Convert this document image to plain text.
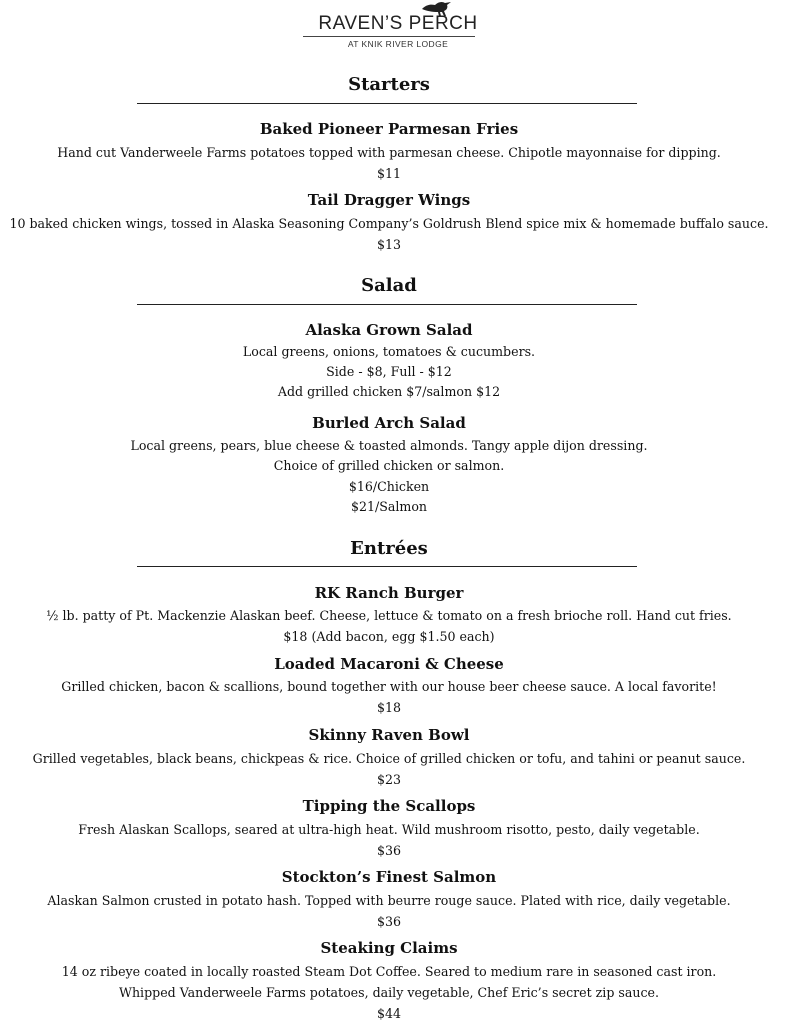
RAVEN’S PERCH
AT KNIK RIVER LODGE
Starters
Baked Pioneer Parmesan Fries
Hand cut Vanderweele Farms potatoes topped with parmesan cheese. Chipotle mayonnaise for dipping.
$11
Tail Dragger Wings
10 baked chicken wings, tossed in Alaska Seasoning Company’s Goldrush Blend spice mix & homemade buffalo sauce.
$13
Salad
Alaska Grown Salad
Local greens, onions, tomatoes & cucumbers.
Side - $8, Full - $12
Add grilled chicken $7/salmon $12
Burled Arch Salad
Local greens, pears, blue cheese & toasted almonds. Tangy apple dijon dressing.
Choice of grilled chicken or salmon.
$16/Chicken
$21/Salmon
Entrées
RK Ranch Burger
½ lb. patty of Pt. Mackenzie Alaskan beef. Cheese, lettuce & tomato on a fresh brioche roll. Hand cut fries.
$18 (Add bacon, egg $1.50 each)
Loaded Macaroni & Cheese
Grilled chicken, bacon & scallions, bound together with our house beer cheese sauce. A local favorite!
$18
Skinny Raven Bowl
Grilled vegetables, black beans, chickpeas & rice. Choice of grilled chicken or tofu, and tahini or peanut sauce.
$23
Tipping the Scallops
Fresh Alaskan Scallops, seared at ultra-high heat. Wild mushroom risotto, pesto, daily vegetable.
$36
Stockton’s Finest Salmon
Alaskan Salmon crusted in potato hash. Topped with beurre rouge sauce. Plated with rice, daily vegetable.
$36
Steaking Claims
14 oz ribeye coated in locally roasted Steam Dot Coffee. Seared to medium rare in seasoned cast iron.
Whipped Vanderweele Farms potatoes, daily vegetable, Chef Eric’s secret zip sauce.
$44
